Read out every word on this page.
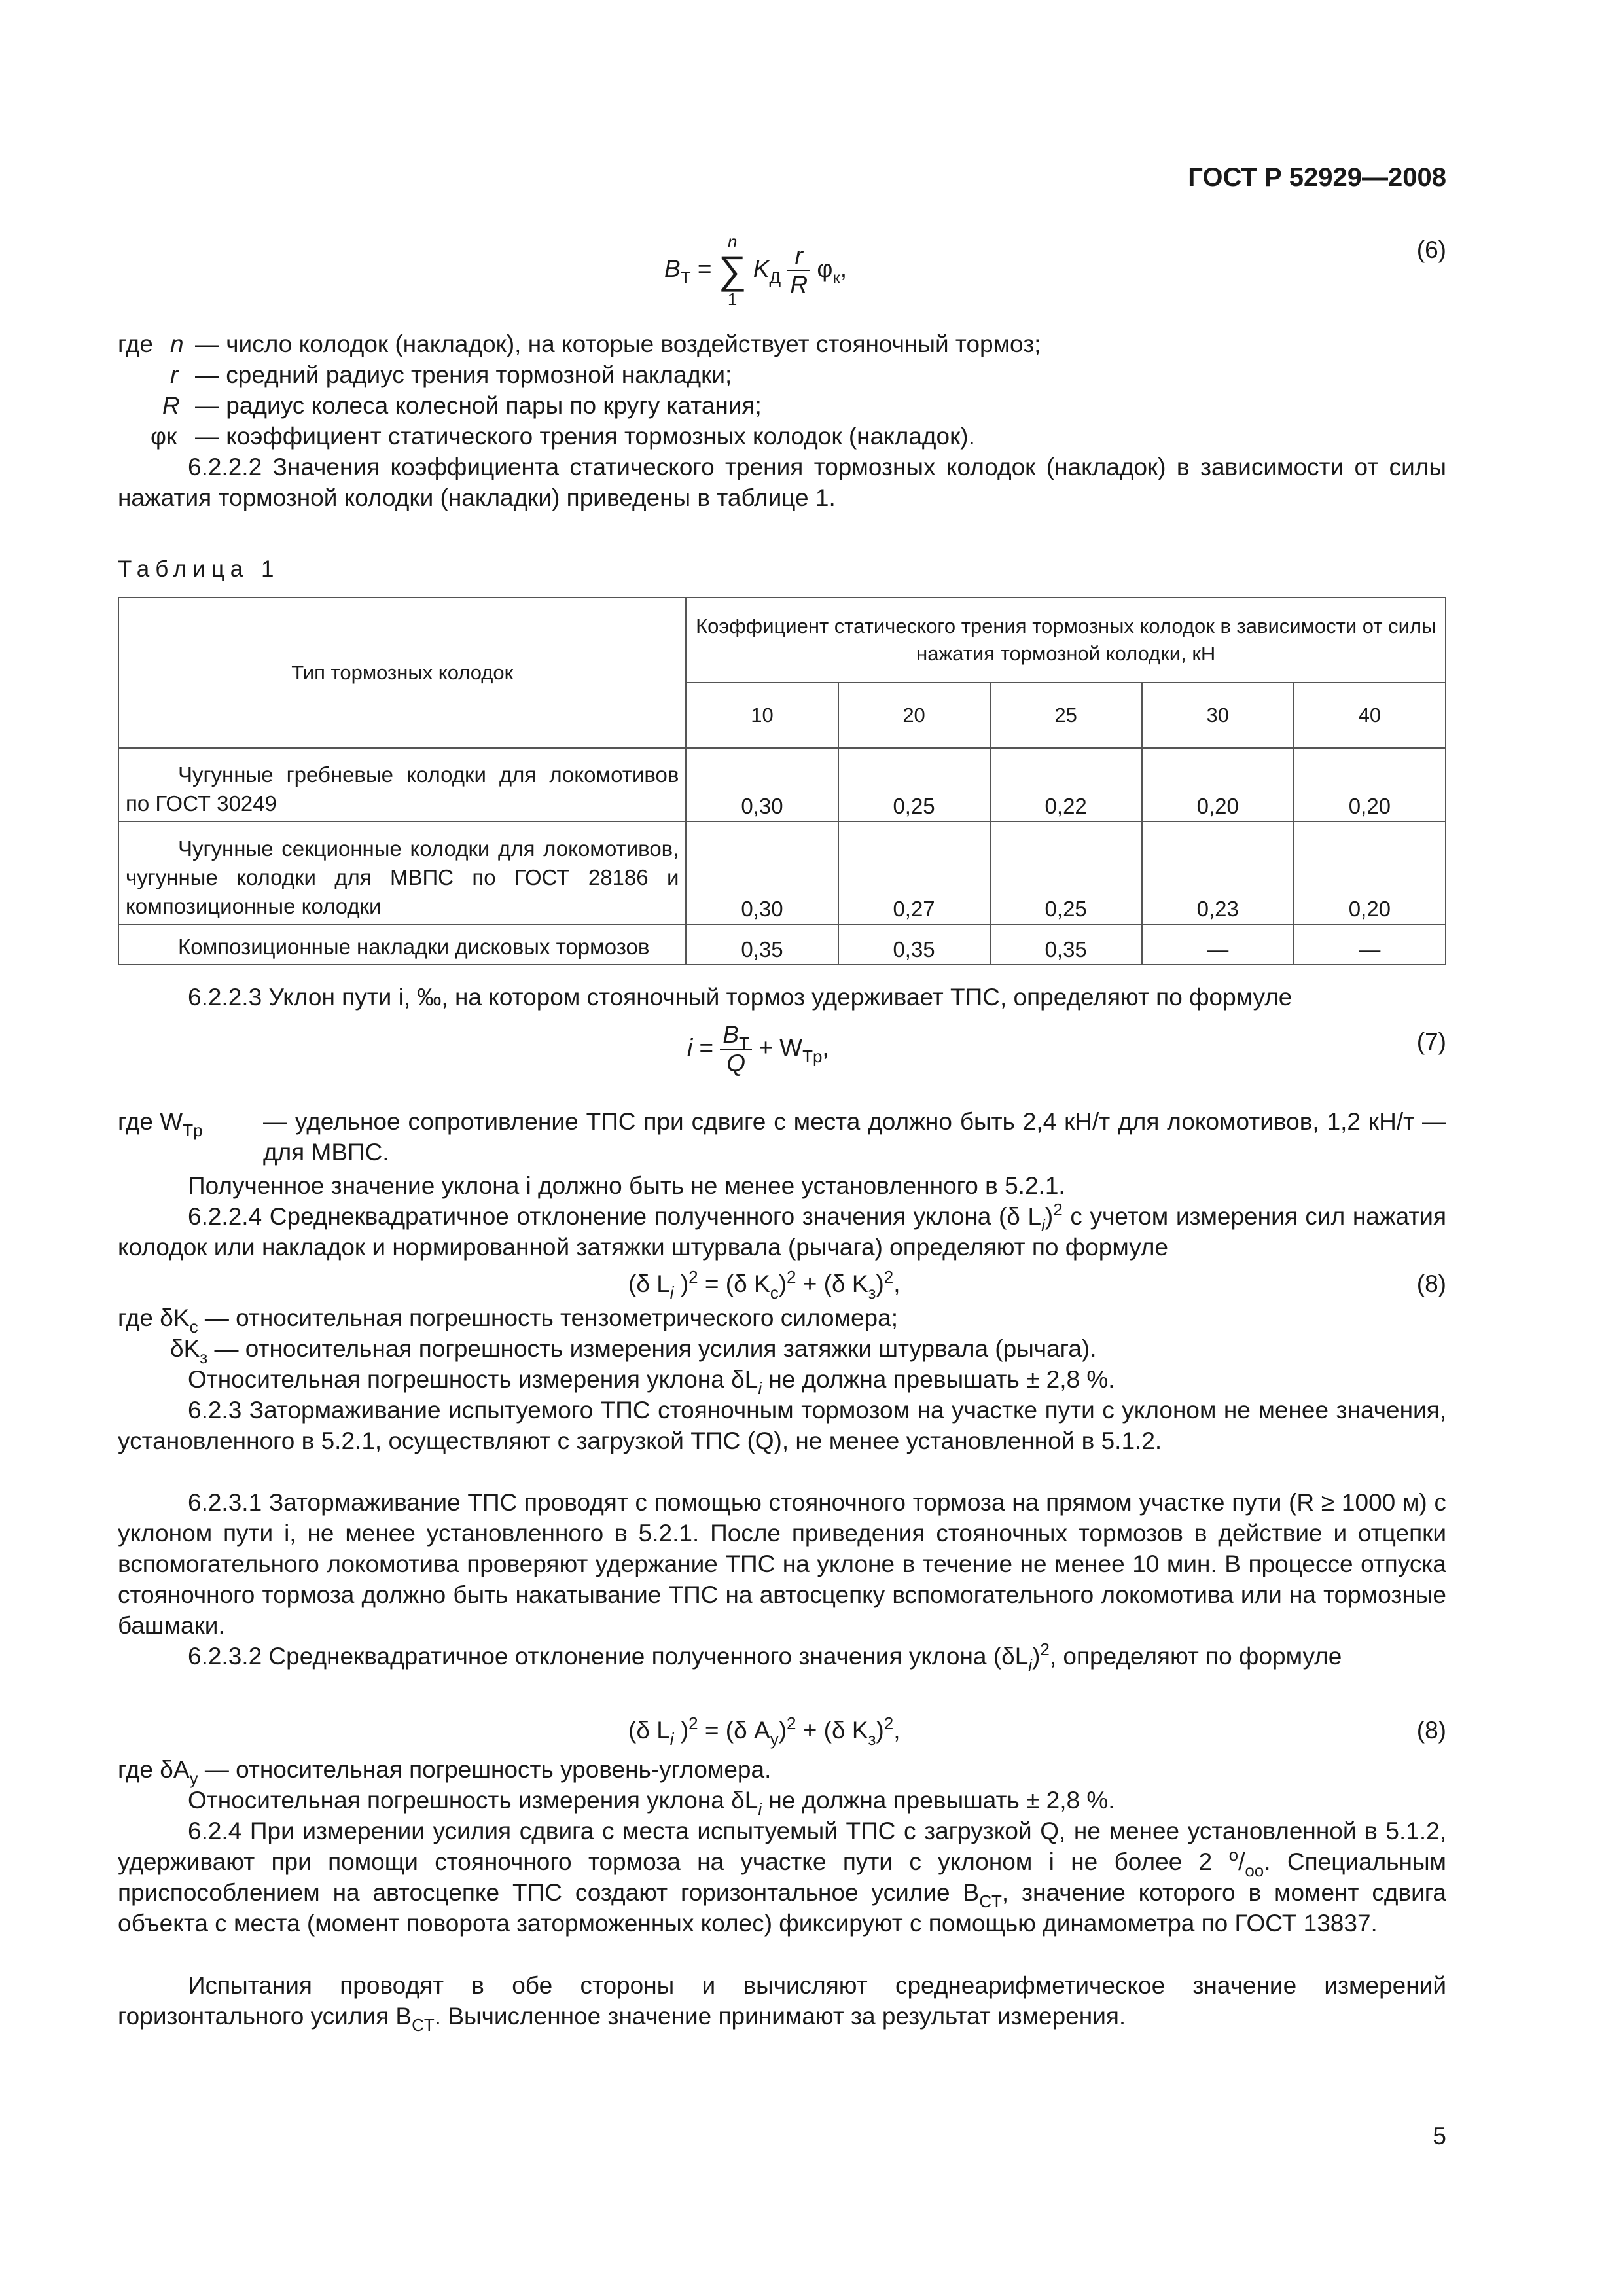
ГОСТ Р 52929—2008
$B_T$ =
n
∑
1
$K_Д \frac{r}{R} \varphi_к$,
(6)
где n — число колодок (накладок), на которые воздействует стояночный тормоз;
r — средний радиус трения тормозной накладки;
R — радиус колеса колесной пары по кругу катания;
φк — коэффициент статического трения тормозных колодок (накладок).
6.2.2.2 Значения коэффициента статического трения тормозных колодок (накладок) в зависимости от силы нажатия тормозной колодки (накладки) приведены в таблице 1.
Таблица 1
Тип тормозных колодок	Коэффициент статического трения тормозных колодок в зависимости от силы нажатия тормозной колодки, кН				
	10	20	25	30	40
Чугунные гребневые колодки для локомотивов по ГОСТ 30249	0,30	0,25	0,22	0,20	0,20
Чугунные секционные колодки для локомотивов, чугунные колодки для МВПС по ГОСТ 28186 и композиционные колодки	0,30	0,27	0,25	0,23	0,20
Композиционные накладки дисковых тормозов	0,35	0,35	0,35	—	—
6.2.2.3 Уклон пути i, ‰, на котором стояночный тормоз удерживает ТПС, определяют по формуле
$i = \frac{B_T}{Q} + W_{Tp}$,	(7)
где $W_{Tp}$ — удельное сопротивление ТПС при сдвиге с места должно быть 2,4 кН/т для локомотивов, 1,2 кН/т — для МВПС.
Полученное значение уклона i должно быть не менее установленного в 5.2.1.
6.2.2.4 Среднеквадратичное отклонение полученного значения уклона (δ $L_i)^2$ с учетом измерения сил нажатия колодок или накладок и нормированной затяжки штурвала (рычага) определяют по формуле
(δ $L_i$ )$^2$ = (δ $K_c)^2 + (\delta$ $K_з)^2$,	(8)
где $\delta K_c$ — относительная погрешность тензометрического силомера;
$\delta K_з$ — относительная погрешность измерения усилия затяжки штурвала (рычага).
Относительная погрешность измерения уклона $\delta L_i$ не должна превышать ± 2,8 %.
6.2.3 Затормаживание испытуемого ТПС стояночным тормозом на участке пути с уклоном не менее значения, установленного в 5.2.1, осуществляют с загрузкой ТПС (Q), не менее установленной в 5.1.2.
6.2.3.1 Затормаживание ТПС проводят с помощью стояночного тормоза на прямом участке пути (R ≥ 1000 м) с уклоном пути i, не менее установленного в 5.2.1. После приведения стояночных тормозов в действие и отцепки вспомогательного локомотива проверяют удержание ТПС на уклоне в течение не менее 10 мин. В процессе отпуска стояночного тормоза должно быть накатывание ТПС на автосцепку вспомогательного локомотива или на тормозные башмаки.
6.2.3.2 Среднеквадратичное отклонение полученного значения уклона $(\delta L_i)^2$, определяют по формуле
(δ $L_i$ )$^2$ = (δ $A_y)^2 + (\delta$ $K_з)^2$,	(8)
где $\delta A_y$ — относительная погрешность уровень-угломера.
Относительная погрешность измерения уклона $\delta L_i$ не должна превышать ± 2,8 %.
6.2.4 При измерении усилия сдвига с места испытуемый ТПС с загрузкой Q, не менее установленной в 5.1.2, удерживают при помощи стояночного тормоза на участке пути с уклоном i не более 2 $^o/_{oo}$. Специальным приспособлением на автосцепке ТПС создают горизонтальное усилие $B_{CT}$, значение которого в момент сдвига объекта с места (момент поворота заторможенных колес) фиксируют с помощью динамометра по ГОСТ 13837.
Испытания проводят в обе стороны и вычисляют среднеарифметическое значение измерений горизонтального усилия $B_{CT}$. Вычисленное значение принимают за результат измерения.
5
